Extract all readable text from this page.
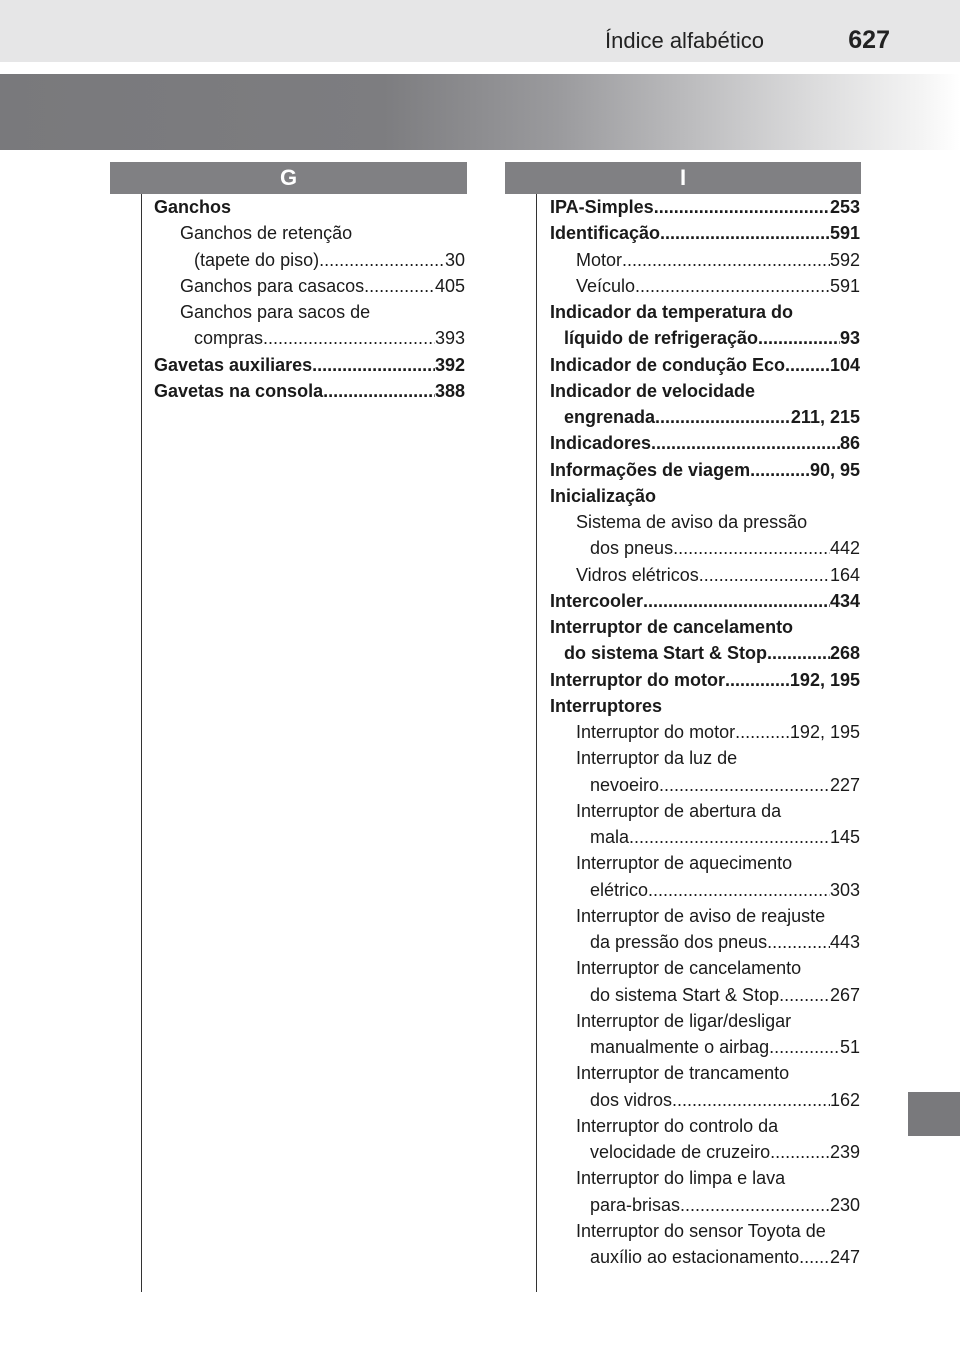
Índice alfabético	627
G	I
Ganchos
Ganchos de retenção
(tapete do piso) .....	30
Ganchos para casacos .....	405
Ganchos para sacos de
compras .....	393
Gavetas auxiliares .....	392
Gavetas na consola .....	388
IPA-Simples .....	253
Identificação .....	591
Motor .....	592
Veículo .....	591
Indicador da temperatura do
líquido de refrigeração .....	93
Indicador de condução Eco ..... 104
Indicador de velocidade
engrenada .....	211, 215
Indicadores .....	86
Informações de viagem .....	90, 95
Inicialização
Sistema de aviso da pressão
dos pneus .....	442
Vidros elétricos .....	164
Intercooler .....	434
Interruptor de cancelamento
do sistema Start & Stop .....	268
Interruptor do motor .....	192, 195
Interruptores
Interruptor do motor .....	192, 195
Interruptor da luz de
nevoeiro .....	227
Interruptor de abertura da
mala .....	145
Interruptor de aquecimento
elétrico .....	303
Interruptor de aviso de reajuste
da pressão dos pneus .....	443
Interruptor de cancelamento
do sistema Start & Stop .....	267
Interruptor de ligar/desligar
manualmente o airbag .....	51
Interruptor de trancamento
dos vidros .....	162
Interruptor do controlo da
velocidade de cruzeiro .....	239
Interruptor do limpa e lava
para-brisas .....	230
Interruptor do sensor Toyota de
auxílio ao estacionamento ..... 247
